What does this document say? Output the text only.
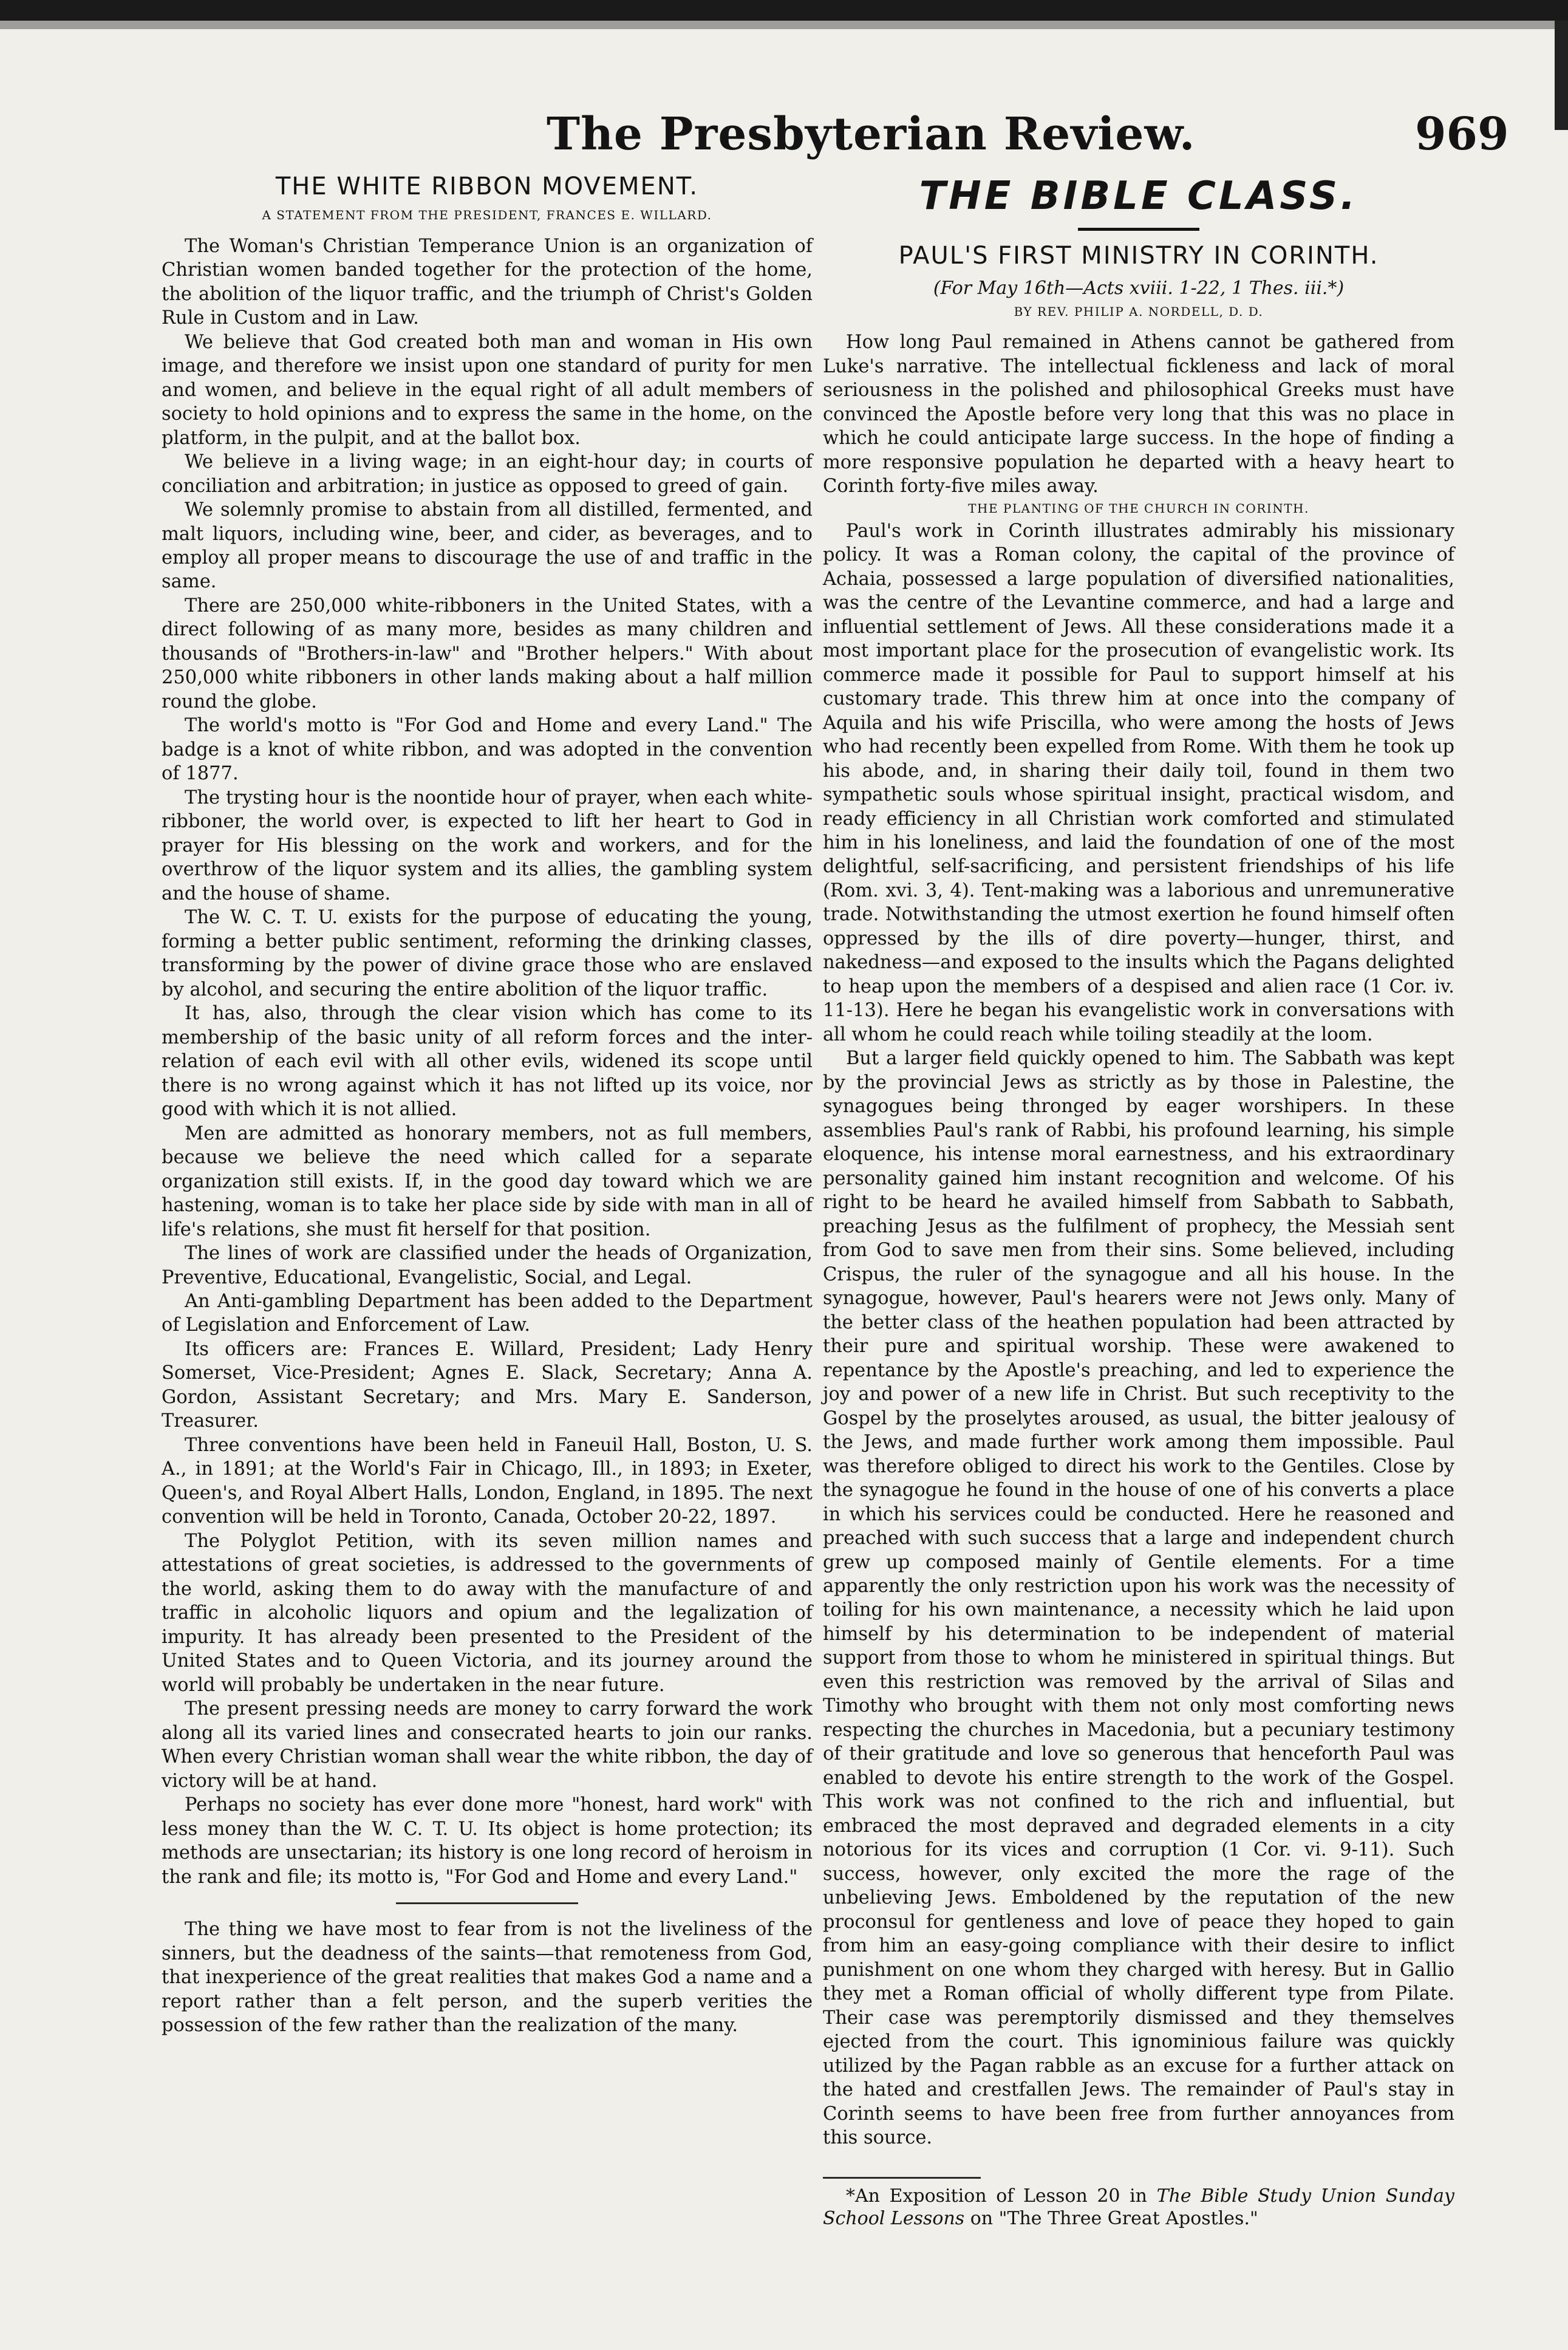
The Presbyterian Review.	969
THE WHITE RIBBON MOVEMENT.
A STATEMENT FROM THE PRESIDENT, FRANCES E. WILLARD.

The Woman's Christian Temperance Union is an organization of Christian women banded together for the protection of the home, the abolition of the liquor traffic, and the triumph of Christ's Golden Rule in Custom and in Law.

We believe that God created both man and woman in His own image, and therefore we insist upon one standard of purity for men and women, and believe in the equal right of all adult members of society to hold opinions and to express the same in the home, on the platform, in the pulpit, and at the ballot box.

We believe in a living wage; in an eight-hour day; in courts of conciliation and arbitration; in justice as opposed to greed of gain.

We solemnly promise to abstain from all distilled, fermented, and malt liquors, including wine, beer, and cider, as beverages, and to employ all proper means to discourage the use of and traffic in the same.

There are 250,000 white-ribboners in the United States, with a direct following of as many more, besides as many children and thousands of "Brothers-in-law" and "Brother helpers." With about 250,000 white ribboners in other lands making about a half million round the globe.

The world's motto is "For God and Home and every Land." The badge is a knot of white ribbon, and was adopted in the convention of 1877.

The trysting hour is the noontide hour of prayer, when each white-ribboner, the world over, is expected to lift her heart to God in prayer for His blessing on the work and workers, and for the overthrow of the liquor system and its allies, the gambling system and the house of shame.

The W. C. T. U. exists for the purpose of educating the young, forming a better public sentiment, reforming the drinking classes, transforming by the power of divine grace those who are enslaved by alcohol, and securing the entire abolition of the liquor traffic.

It has, also, through the clear vision which has come to its membership of the basic unity of all reform forces and the inter-relation of each evil with all other evils, widened its scope until there is no wrong against which it has not lifted up its voice, nor good with which it is not allied.

Men are admitted as honorary members, not as full members, because we believe the need which called for a separate organization still exists. If, in the good day toward which we are hastening, woman is to take her place side by side with man in all of life's relations, she must fit herself for that position.

The lines of work are classified under the heads of Organization, Preventive, Educational, Evangelistic, Social, and Legal.

An Anti-gambling Department has been added to the Department of Legislation and Enforcement of Law.

Its officers are: Frances E. Willard, President; Lady Henry Somerset, Vice-President; Agnes E. Slack, Secretary; Anna A. Gordon, Assistant Secretary; and Mrs. Mary E. Sanderson, Treasurer.

Three conventions have been held in Faneuil Hall, Boston, U. S. A., in 1891; at the World's Fair in Chicago, Ill., in 1893; in Exeter, Queen's, and Royal Albert Halls, London, England, in 1895. The next convention will be held in Toronto, Canada, October 20-22, 1897.

The Polyglot Petition, with its seven million names and attestations of great societies, is addressed to the governments of the world, asking them to do away with the manufacture of and traffic in alcoholic liquors and opium and the legalization of impurity. It has already been presented to the President of the United States and to Queen Victoria, and its journey around the world will probably be undertaken in the near future.

The present pressing needs are money to carry forward the work along all its varied lines and consecrated hearts to join our ranks. When every Christian woman shall wear the white ribbon, the day of victory will be at hand.

Perhaps no society has ever done more "honest, hard work" with less money than the W. C. T. U. Its object is home protection; its methods are unsectarian; its history is one long record of heroism in the rank and file; its motto is, "For God and Home and every Land."

The thing we have most to fear from is not the liveliness of the sinners, but the deadness of the saints—that remoteness from God, that inexperience of the great realities that makes God a name and a report rather than a felt person, and the superb verities the possession of the few rather than the realization of the many.

THE BIBLE CLASS.
PAUL'S FIRST MINISTRY IN CORINTH.
(For May 16th—Acts xviii. 1-22, 1 Thes. iii.*)
BY REV. PHILIP A. NORDELL, D. D.

How long Paul remained in Athens cannot be gathered from Luke's narrative. The intellectual fickleness and lack of moral seriousness in the polished and philosophical Greeks must have convinced the Apostle before very long that this was no place in which he could anticipate large success. In the hope of finding a more responsive population he departed with a heavy heart to Corinth forty-five miles away.

THE PLANTING OF THE CHURCH IN CORINTH.

Paul's work in Corinth illustrates admirably his missionary policy. It was a Roman colony, the capital of the province of Achaia, possessed a large population of diversified nationalities, was the centre of the Levantine commerce, and had a large and influential settlement of Jews. All these considerations made it a most important place for the prosecution of evangelistic work. Its commerce made it possible for Paul to support himself at his customary trade. This threw him at once into the company of Aquila and his wife Priscilla, who were among the hosts of Jews who had recently been expelled from Rome. With them he took up his abode, and, in sharing their daily toil, found in them two sympathetic souls whose spiritual insight, practical wisdom, and ready efficiency in all Christian work comforted and stimulated him in his loneliness, and laid the foundation of one of the most delightful, self-sacrificing, and persistent friendships of his life (Rom. xvi. 3, 4). Tent-making was a laborious and unremunerative trade. Notwithstanding the utmost exertion he found himself often oppressed by the ills of dire poverty—hunger, thirst, and nakedness—and exposed to the insults which the Pagans delighted to heap upon the members of a despised and alien race (1 Cor. iv. 11-13). Here he began his evangelistic work in conversations with all whom he could reach while toiling steadily at the loom.

But a larger field quickly opened to him. The Sabbath was kept by the provincial Jews as strictly as by those in Palestine, the synagogues being thronged by eager worshipers. In these assemblies Paul's rank of Rabbi, his profound learning, his simple eloquence, his intense moral earnestness, and his extraordinary personality gained him instant recognition and welcome. Of his right to be heard he availed himself from Sabbath to Sabbath, preaching Jesus as the fulfilment of prophecy, the Messiah sent from God to save men from their sins. Some believed, including Crispus, the ruler of the synagogue and all his house. In the synagogue, however, Paul's hearers were not Jews only. Many of the better class of the heathen population had been attracted by their pure and spiritual worship. These were awakened to repentance by the Apostle's preaching, and led to experience the joy and power of a new life in Christ. But such receptivity to the Gospel by the proselytes aroused, as usual, the bitter jealousy of the Jews, and made further work among them impossible. Paul was therefore obliged to direct his work to the Gentiles. Close by the synagogue he found in the house of one of his converts a place in which his services could be conducted. Here he reasoned and preached with such success that a large and independent church grew up composed mainly of Gentile elements. For a time apparently the only restriction upon his work was the necessity of toiling for his own maintenance, a necessity which he laid upon himself by his determination to be independent of material support from those to whom he ministered in spiritual things. But even this restriction was removed by the arrival of Silas and Timothy who brought with them not only most comforting news respecting the churches in Macedonia, but a pecuniary testimony of their gratitude and love so generous that henceforth Paul was enabled to devote his entire strength to the work of the Gospel. This work was not confined to the rich and influential, but embraced the most depraved and degraded elements in a city notorious for its vices and corruption (1 Cor. vi. 9-11). Such success, however, only excited the more the rage of the unbelieving Jews. Emboldened by the reputation of the new proconsul for gentleness and love of peace they hoped to gain from him an easy-going compliance with their desire to inflict punishment on one whom they charged with heresy. But in Gallio they met a Roman official of wholly different type from Pilate. Their case was peremptorily dismissed and they themselves ejected from the court. This ignominious failure was quickly utilized by the Pagan rabble as an excuse for a further attack on the hated and crestfallen Jews. The remainder of Paul's stay in Corinth seems to have been free from further annoyances from this source.

*An Exposition of Lesson 20 in The Bible Study Union Sunday School Lessons on "The Three Great Apostles."
